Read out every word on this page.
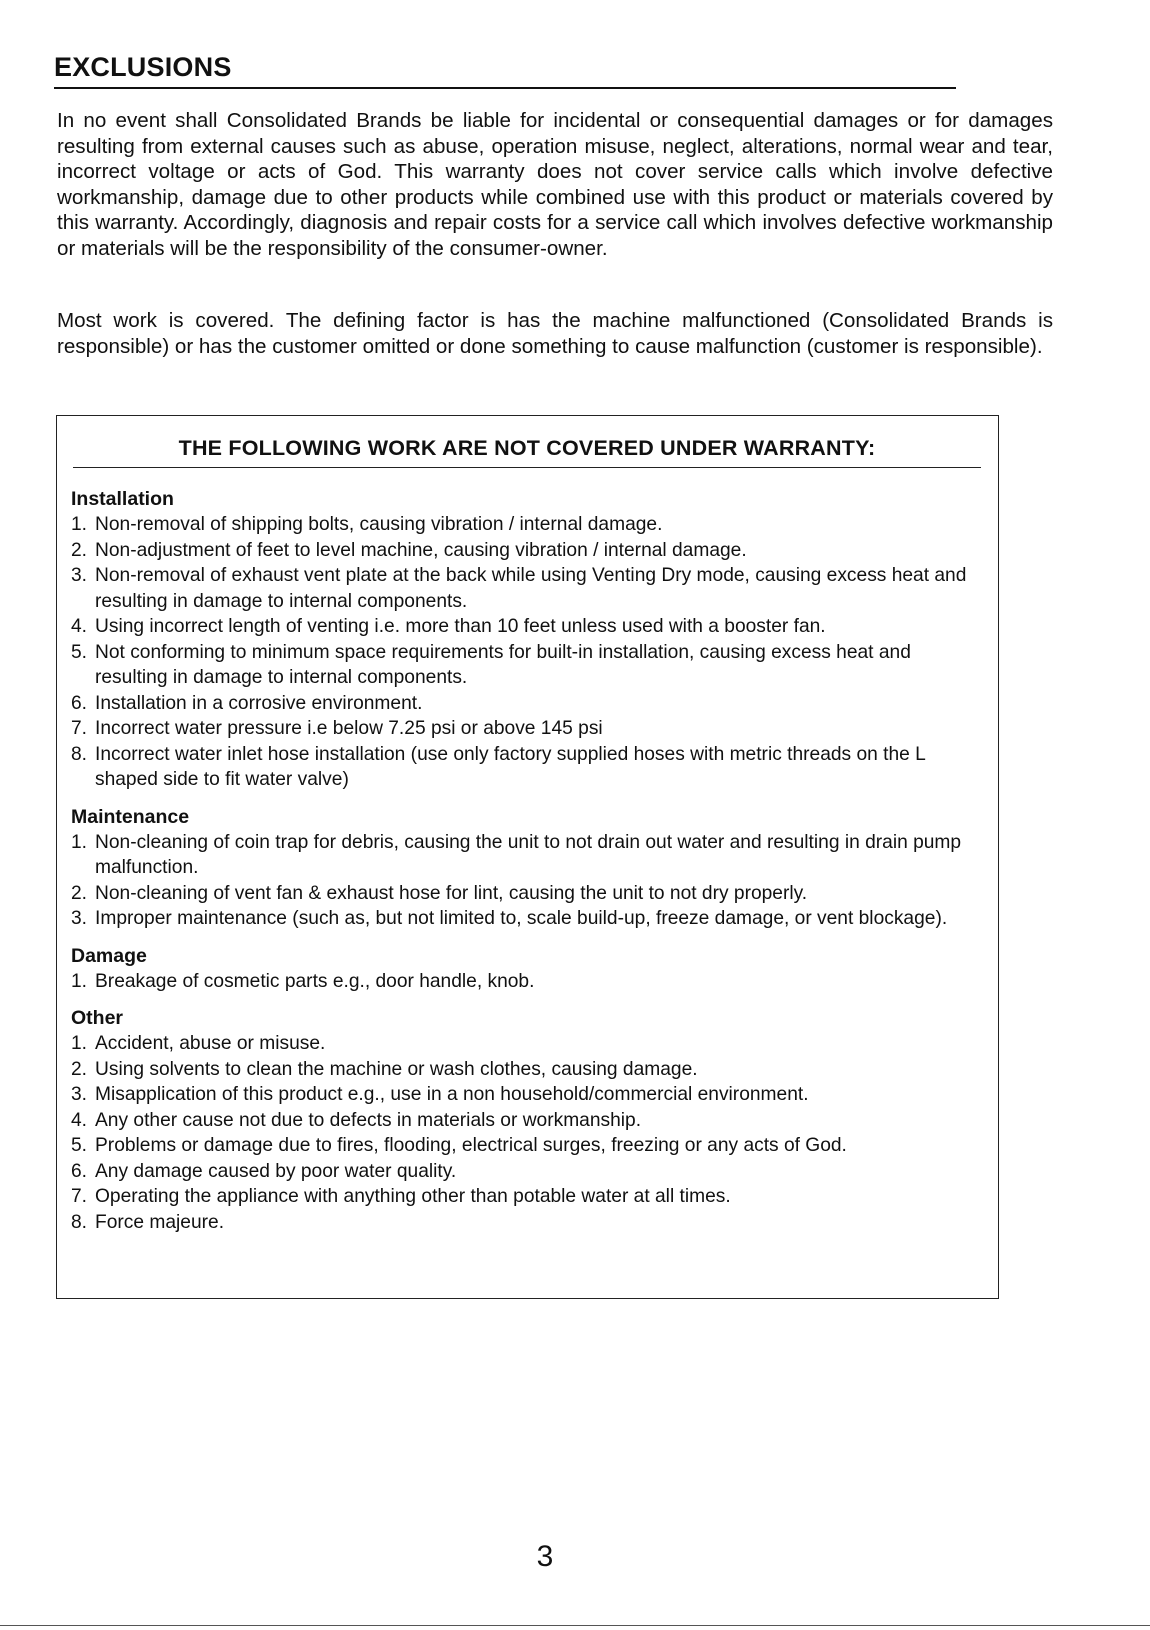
EXCLUSIONS

In no event shall Consolidated Brands be liable for incidental or consequential damages or for damages resulting from external causes such as abuse, operation misuse, neglect, alterations, normal wear and tear, incorrect voltage or acts of God. This warranty does not cover service calls which involve defective workmanship, damage due to other products while combined use with this product or materials covered by this warranty. Accordingly, diagnosis and repair costs for a service call which involves defective workmanship or materials will be the responsibility of the consumer-owner.

Most work is covered. The defining factor is has the machine malfunctioned (Consolidated Brands is responsible) or has the customer omitted or done something to cause malfunction (customer is responsible).

THE FOLLOWING WORK ARE NOT COVERED UNDER WARRANTY:
Installation
1. Non-removal of shipping bolts, causing vibration / internal damage.
2. Non-adjustment of feet to level machine, causing vibration / internal damage.
3. Non-removal of exhaust vent plate at the back while using Venting Dry mode, causing excess heat and resulting in damage to internal components.
4. Using incorrect length of venting i.e. more than 10 feet unless used with a booster fan.
5. Not conforming to minimum space requirements for built-in installation, causing excess heat and resulting in damage to internal components.
6. Installation in a corrosive environment.
7. Incorrect water pressure i.e below 7.25 psi or above 145 psi
8. Incorrect water inlet hose installation (use only factory supplied hoses with metric threads on the L shaped side to fit water valve)
Maintenance
1. Non-cleaning of coin trap for debris, causing the unit to not drain out water and resulting in drain pump malfunction.
2. Non-cleaning of vent fan & exhaust hose for lint, causing the unit to not dry properly.
3. Improper maintenance (such as, but not limited to, scale build-up, freeze damage, or vent blockage).
Damage
1. Breakage of cosmetic parts e.g., door handle, knob.
Other
1. Accident, abuse or misuse.
2. Using solvents to clean the machine or wash clothes, causing damage.
3. Misapplication of this product e.g., use in a non household/commercial environment.
4. Any other cause not due to defects in materials or workmanship.
5. Problems or damage due to fires, flooding, electrical surges, freezing or any acts of God.
6. Any damage caused by poor water quality.
7. Operating the appliance with anything other than potable water at all times.
8. Force majeure.
3
